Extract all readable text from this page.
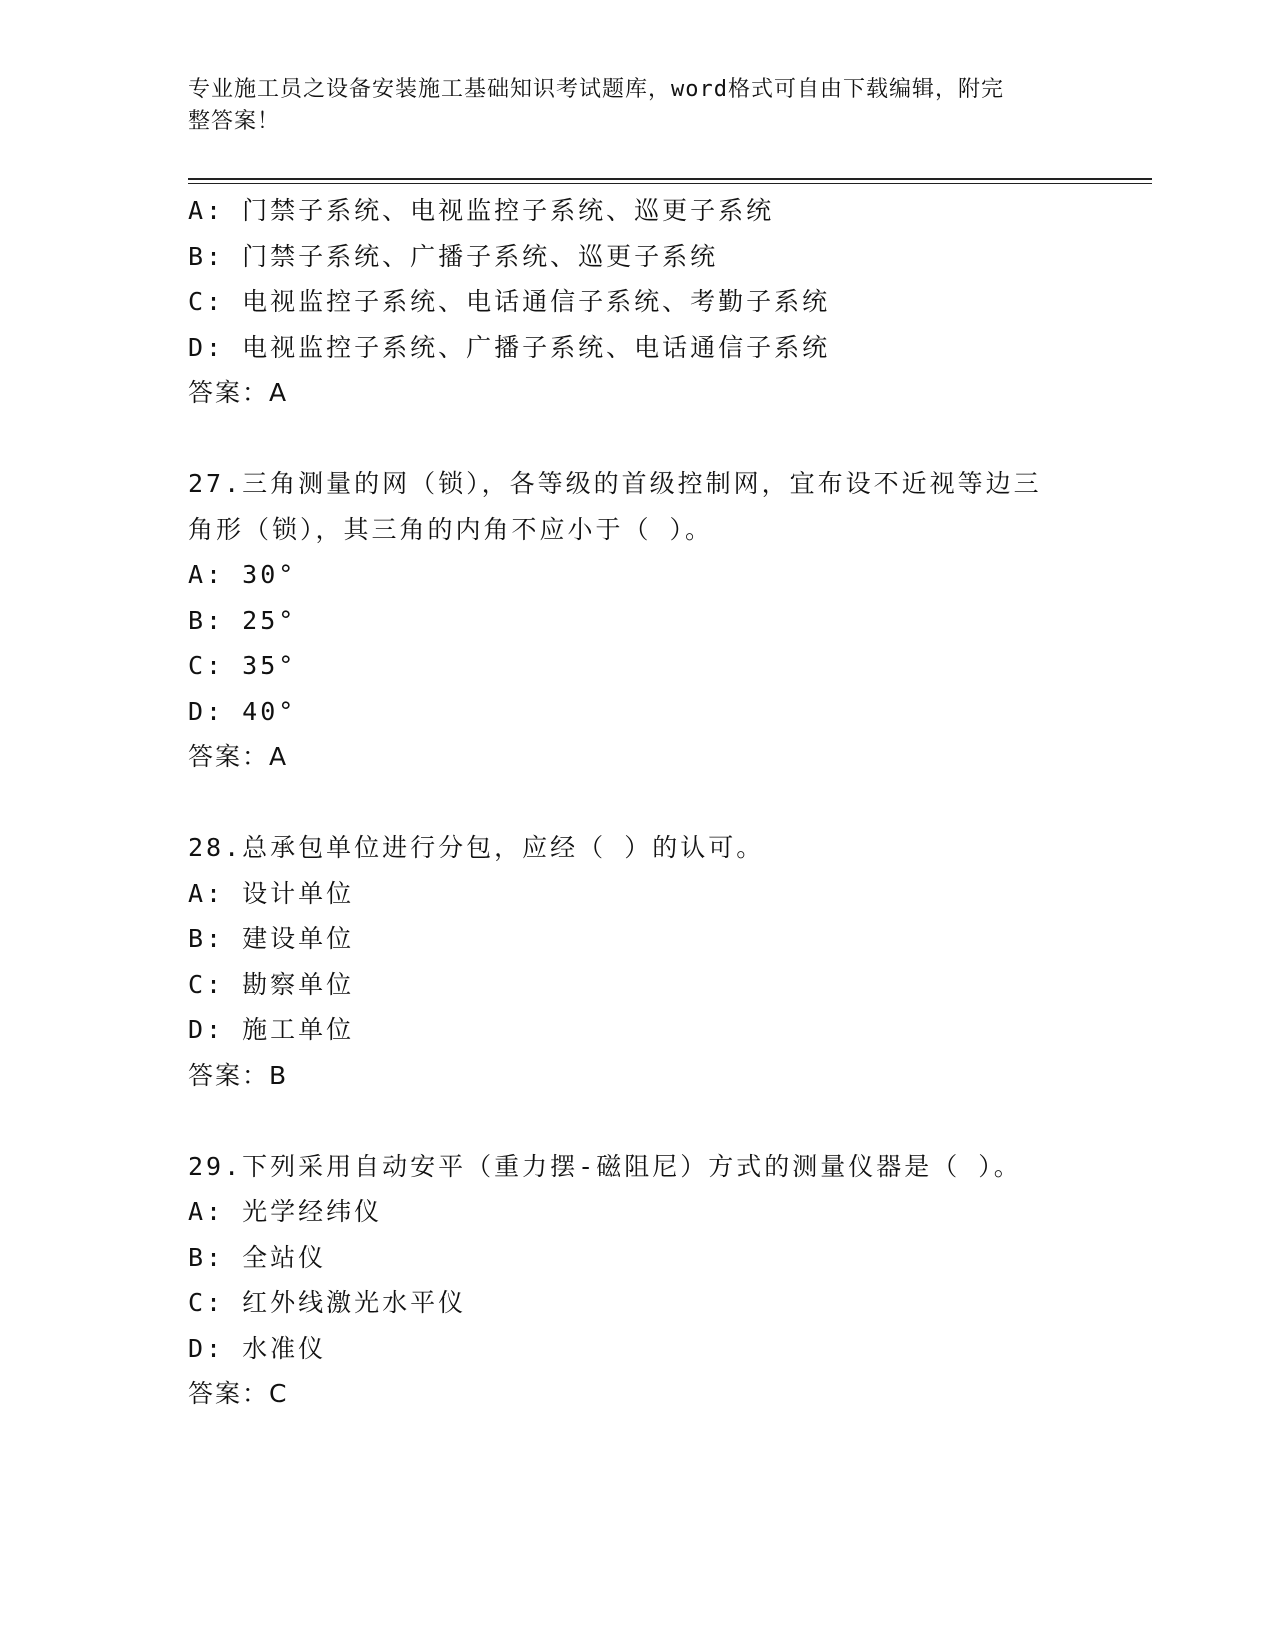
专业施工员之设备安装施工基础知识考试题库，word格式可自由下载编辑，附完
整答案！
A: 门禁子系统、电视监控子系统、巡更子系统
B: 门禁子系统、广播子系统、巡更子系统
C: 电视监控子系统、电话通信子系统、考勤子系统
D: 电视监控子系统、广播子系统、电话通信子系统
答案：A
27.三角测量的网（锁），各等级的首级控制网，宜布设不近视等边三
角形（锁），其三角的内角不应小于（ ）。
A: 30°
B: 25°
C: 35°
D: 40°
答案：A
28.总承包单位进行分包，应经（ ）的认可。
A: 设计单位
B: 建设单位
C: 勘察单位
D: 施工单位
答案：B
29.下列采用自动安平（重力摆-磁阻尼）方式的测量仪器是（ ）。
A: 光学经纬仪
B: 全站仪
C: 红外线激光水平仪
D: 水准仪
答案：C
